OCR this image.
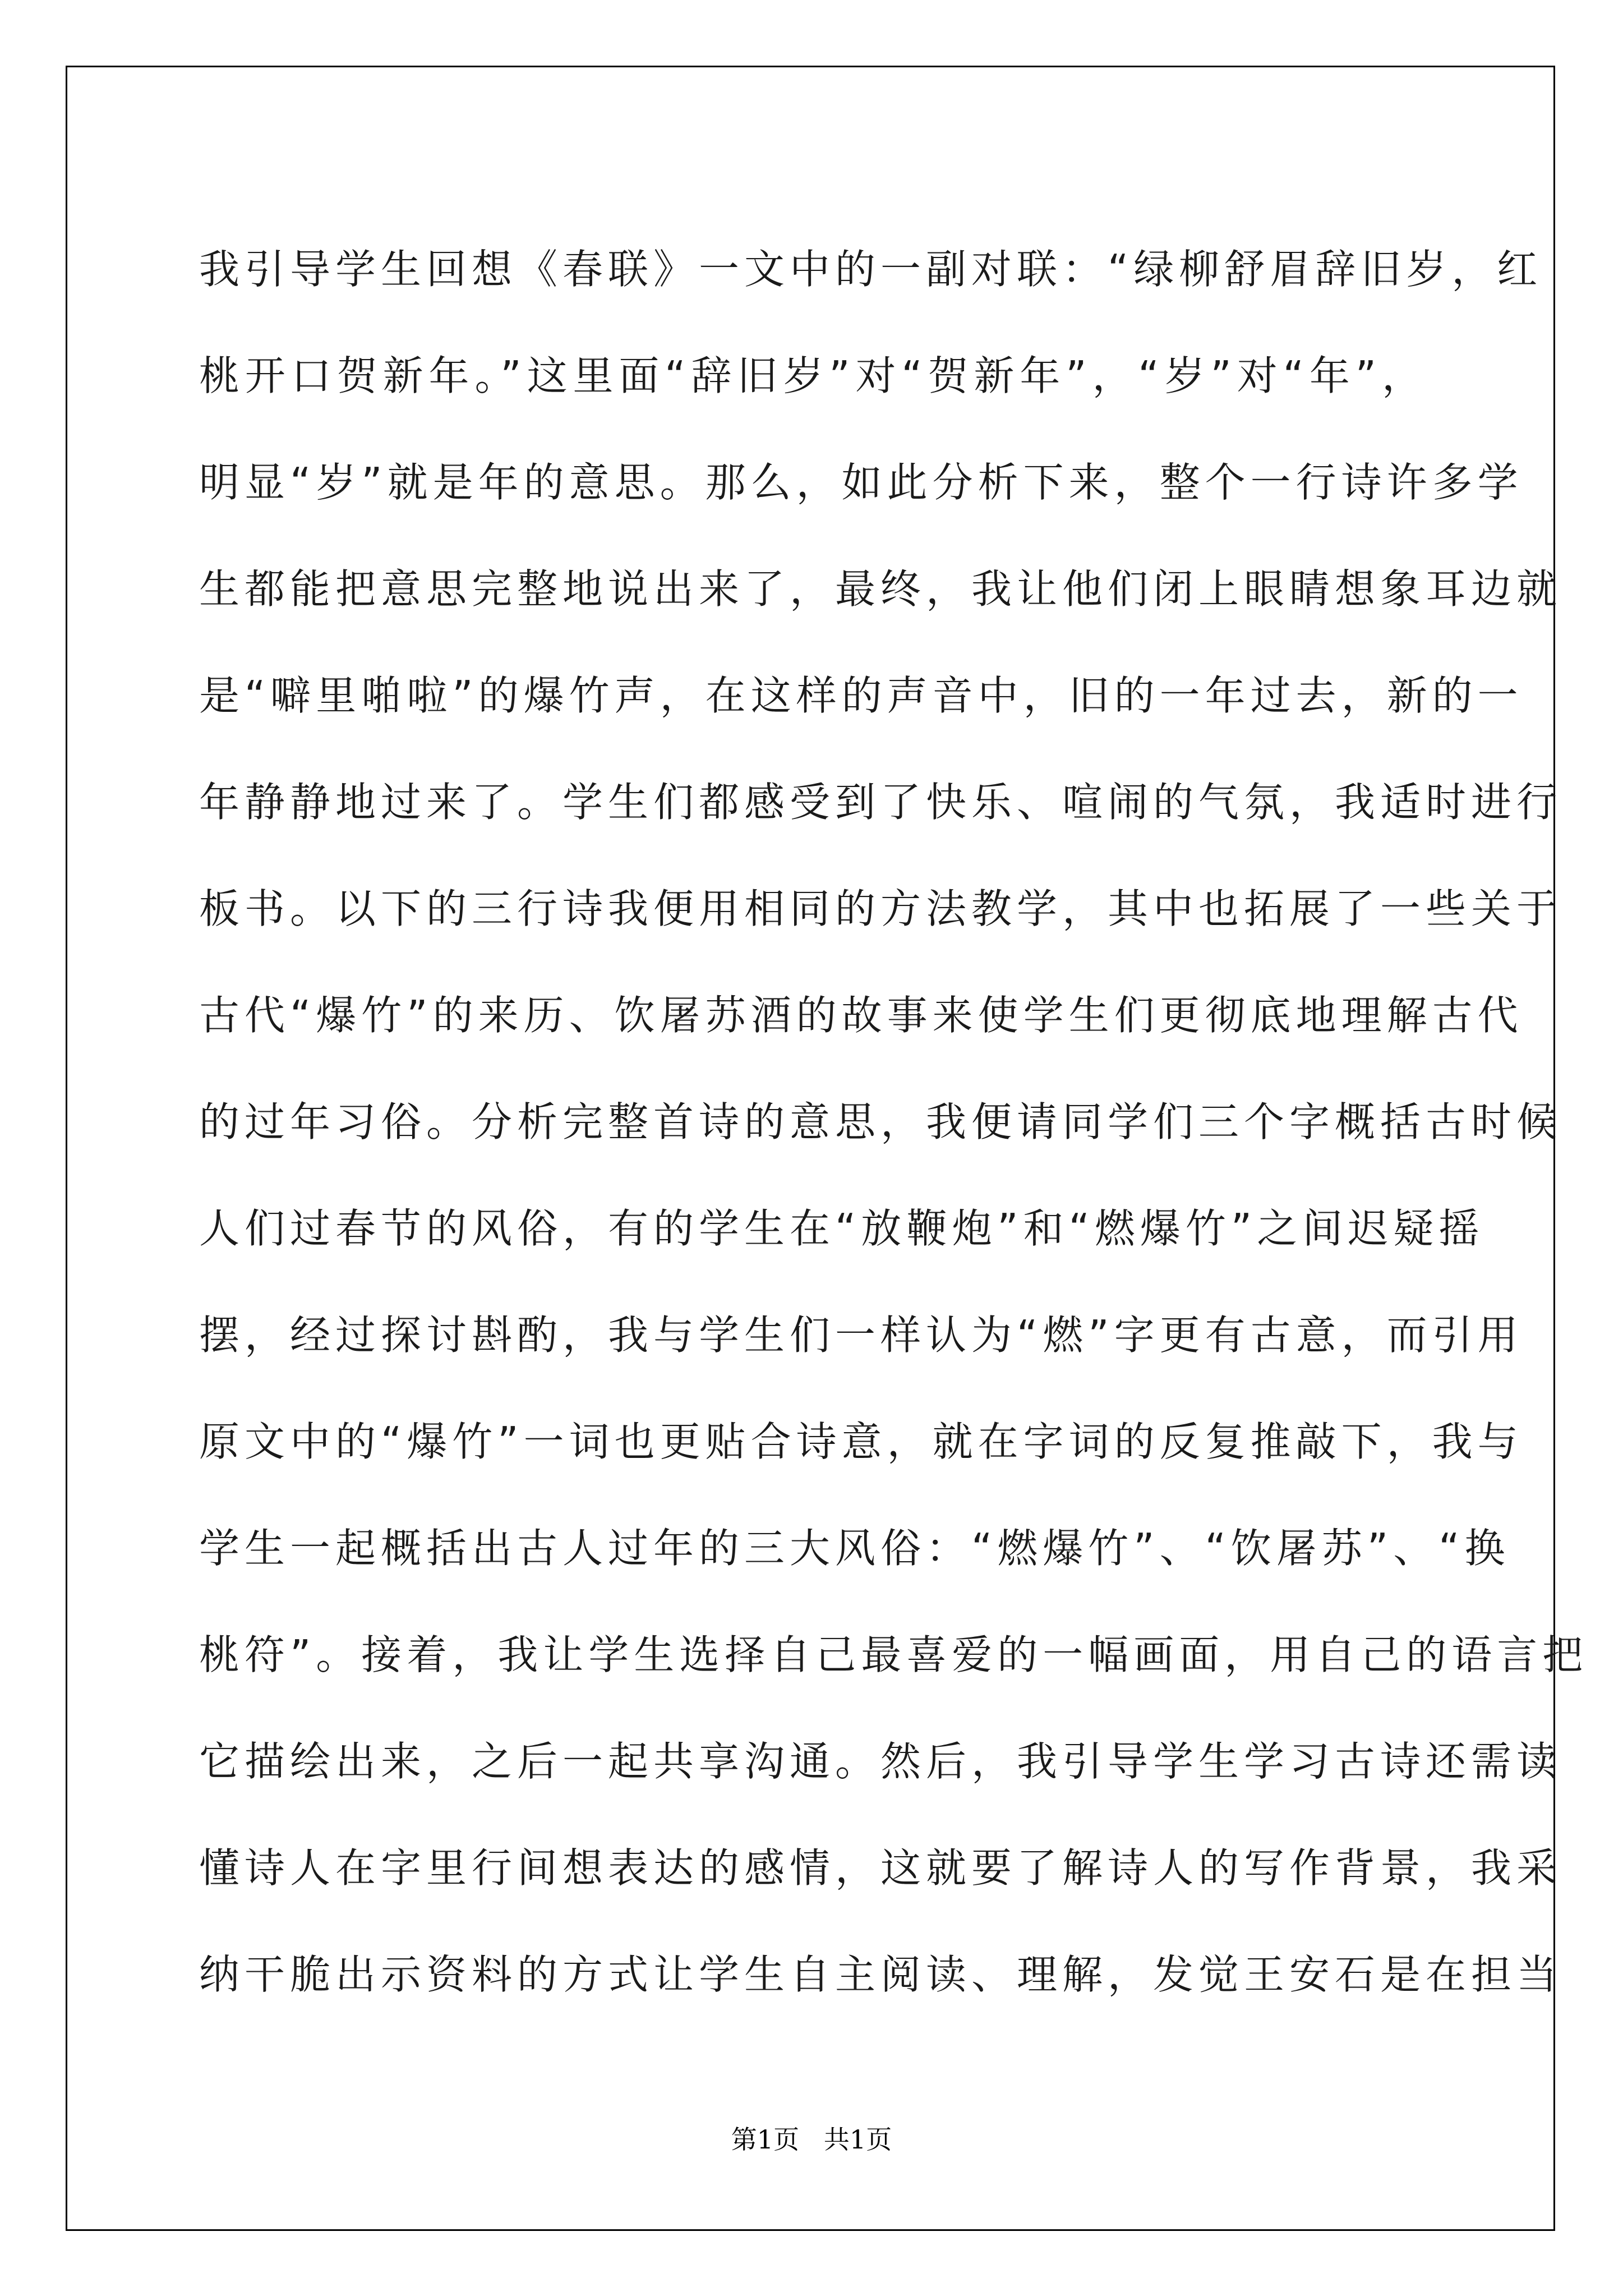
我引导学生回想《春联》一文中的一副对联：“绿柳舒眉辞旧岁，红
桃开口贺新年。”这里面“辞旧岁”对“贺新年”，“岁”对“年”，
明显“岁”就是年的意思。那么，如此分析下来，整个一行诗许多学
生都能把意思完整地说出来了，最终，我让他们闭上眼睛想象耳边就
是“噼里啪啦”的爆竹声，在这样的声音中，旧的一年过去，新的一
年静静地过来了。学生们都感受到了快乐、喧闹的气氛，我适时进行
板书。以下的三行诗我便用相同的方法教学，其中也拓展了一些关于
古代“爆竹”的来历、饮屠苏酒的故事来使学生们更彻底地理解古代
的过年习俗。分析完整首诗的意思，我便请同学们三个字概括古时候
人们过春节的风俗，有的学生在“放鞭炮”和“燃爆竹”之间迟疑摇
摆，经过探讨斟酌，我与学生们一样认为“燃”字更有古意，而引用
原文中的“爆竹”一词也更贴合诗意，就在字词的反复推敲下，我与
学生一起概括出古人过年的三大风俗：“燃爆竹”、“饮屠苏”、“换
桃符”。接着，我让学生选择自己最喜爱的一幅画面，用自己的语言把
它描绘出来，之后一起共享沟通。然后，我引导学生学习古诗还需读
懂诗人在字里行间想表达的感情，这就要了解诗人的写作背景，我采
纳干脆出示资料的方式让学生自主阅读、理解，发觉王安石是在担当
第1页   共1页
